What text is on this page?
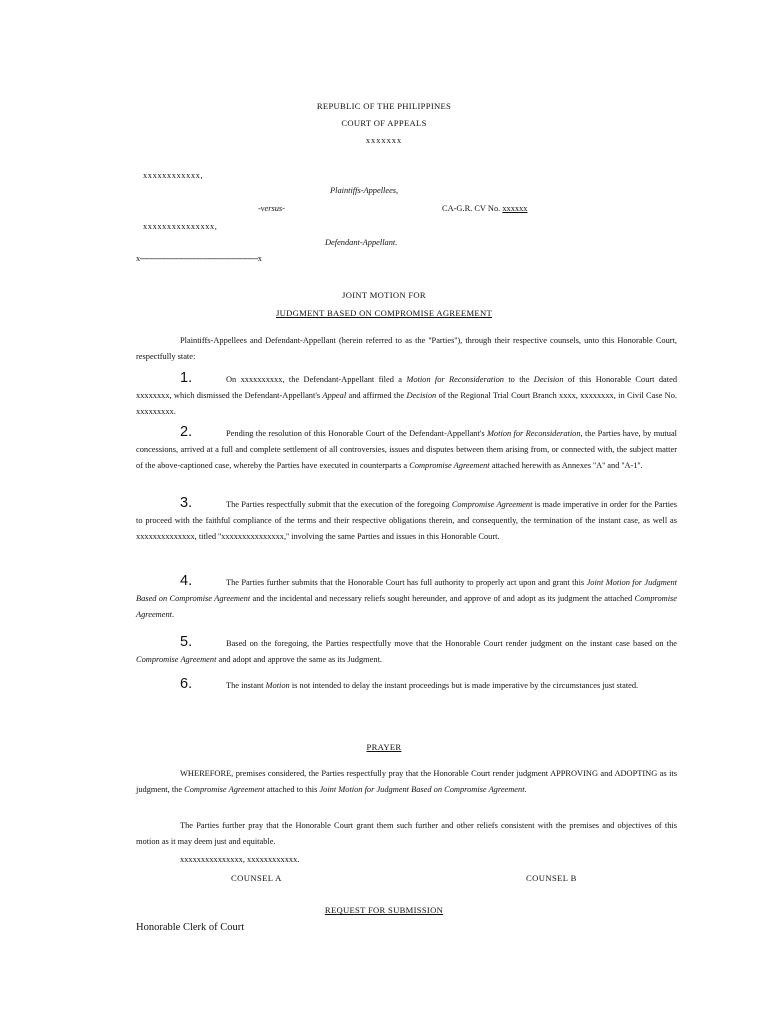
REPUBLIC OF THE PHILIPPINES
COURT OF APPEALS
xxxxxxx
xxxxxxxxxxxx,
Plaintiffs-Appellees,
-versus-	CA-G.R. CV No. xxxxxx
xxxxxxxxxxxxxxx,
Defendant-Appellant.
x------------------------------------------------------x
JOINT MOTION FOR
JUDGMENT BASED ON COMPROMISE AGREEMENT
Plaintiffs-Appellees and Defendant-Appellant (herein referred to as the ''Parties''), through their respective counsels, unto this Honorable Court, respectfully state:
1.	On xxxxxxxxxx, the Defendant-Appellant filed a Motion for Reconsideration to the Decision of this Honorable Court dated xxxxxxxx, which dismissed the Defendant-Appellant's Appeal and affirmed the Decision of the Regional Trial Court Branch xxxx, xxxxxxxx, in Civil Case No. xxxxxxxxx.
2.	Pending the resolution of this Honorable Court of the Defendant-Appellant's Motion for Reconsideration, the Parties have, by mutual concessions, arrived at a full and complete settlement of all controversies, issues and disputes between them arising from, or connected with, the subject matter of the above-captioned case, whereby the Parties have executed in counterparts a Compromise Agreement attached herewith as Annexes ''A'' and ''A-1''.
3.	The Parties respectfully submit that the execution of the foregoing Compromise Agreement is made imperative in order for the Parties to proceed with the faithful compliance of the terms and their respective obligations therein, and consequently, the termination of the instant case, as well as xxxxxxxxxxxxxx, titled ''xxxxxxxxxxxxxxx,'' involving the same Parties and issues in this Honorable Court.
4.	The Parties further submits that the Honorable Court has full authority to properly act upon and grant this Joint Motion for Judgment Based on Compromise Agreement and the incidental and necessary reliefs sought hereunder, and approve of and adopt as its judgment the attached Compromise Agreement.
5.	Based on the foregoing, the Parties respectfully move that the Honorable Court render judgment on the instant case based on the Compromise Agreement and adopt and approve the same as its Judgment.
6.	The instant Motion is not intended to delay the instant proceedings but is made imperative by the circumstances just stated.
PRAYER
WHEREFORE, premises considered, the Parties respectfully pray that the Honorable Court render judgment APPROVING and ADOPTING as its judgment, the Compromise Agreement attached to this Joint Motion for Judgment Based on Compromise Agreement.
The Parties further pray that the Honorable Court grant them such further and other reliefs consistent with the premises and objectives of this motion as it may deem just and equitable.
xxxxxxxxxxxxxxx, xxxxxxxxxxxx.
COUNSEL A	COUNSEL B
REQUEST FOR SUBMISSION
Honorable Clerk of Court
